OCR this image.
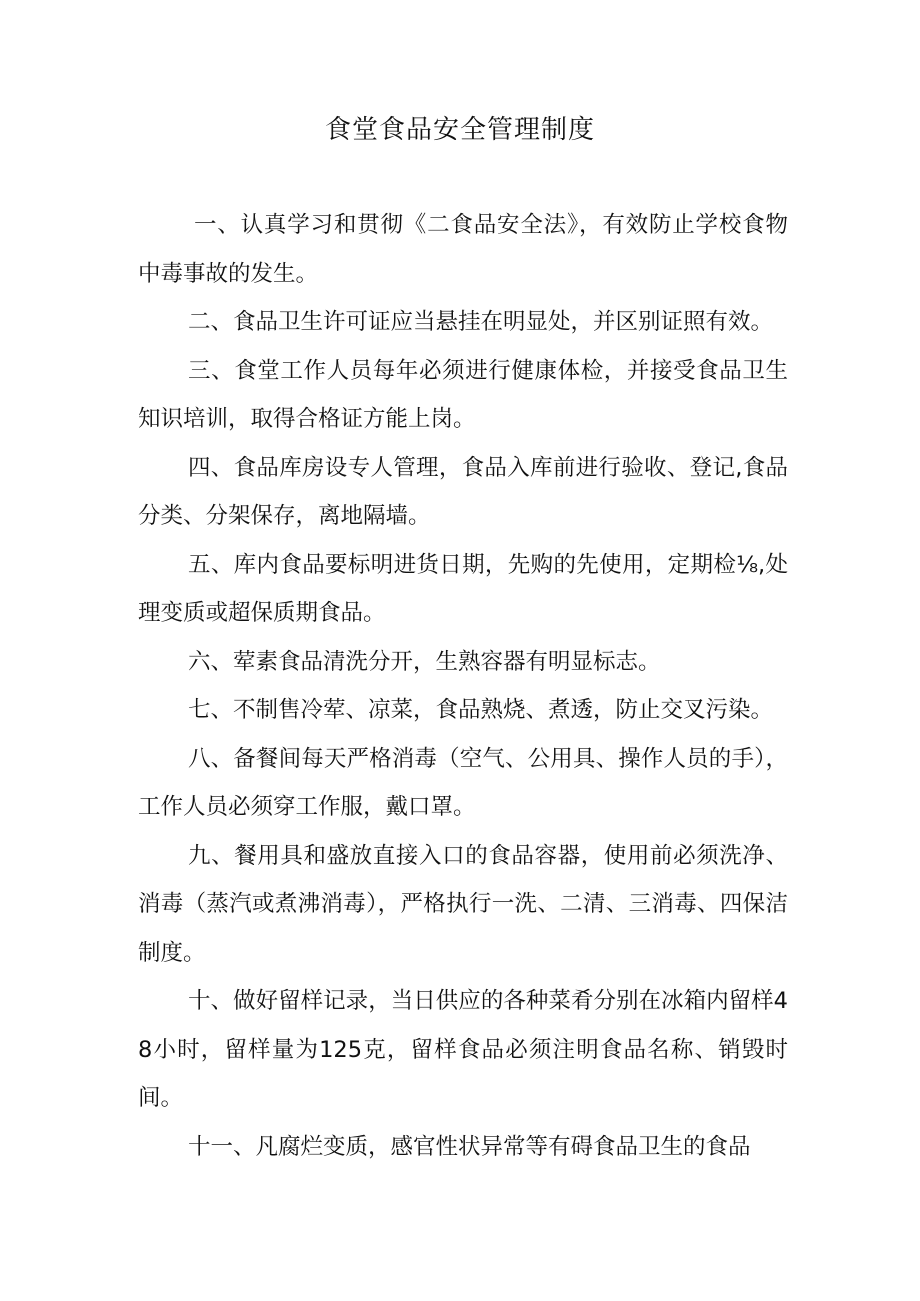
食堂食品安全管理制度

一、认真学习和贯彻《二食品安全法》，有效防止学校食物中毒事故的发生。

二、食品卫生许可证应当悬挂在明显处，并区别证照有效。

三、食堂工作人员每年必须进行健康体检，并接受食品卫生知识培训，取得合格证方能上岗。

四、食品库房设专人管理，食品入库前进行验收、登记,食品分类、分架保存，离地隔墙。

五、库内食品要标明进货日期，先购的先使用，定期检⅛,处理变质或超保质期食品。

六、荤素食品清洗分开，生熟容器有明显标志。

七、不制售冷荤、凉菜，食品熟烧、煮透，防止交叉污染。

八、备餐间每天严格消毒（空气、公用具、操作人员的手），工作人员必须穿工作服，戴口罩。

九、餐用具和盛放直接入口的食品容器，使用前必须洗净、消毒（蒸汽或煮沸消毒），严格执行一洗、二清、三消毒、四保洁制度。

十、做好留样记录，当日供应的各种菜肴分别在冰箱内留样48小时，留样量为125克，留样食品必须注明食品名称、销毁时间。

十一、凡腐烂变质，感官性状异常等有碍食品卫生的食品
